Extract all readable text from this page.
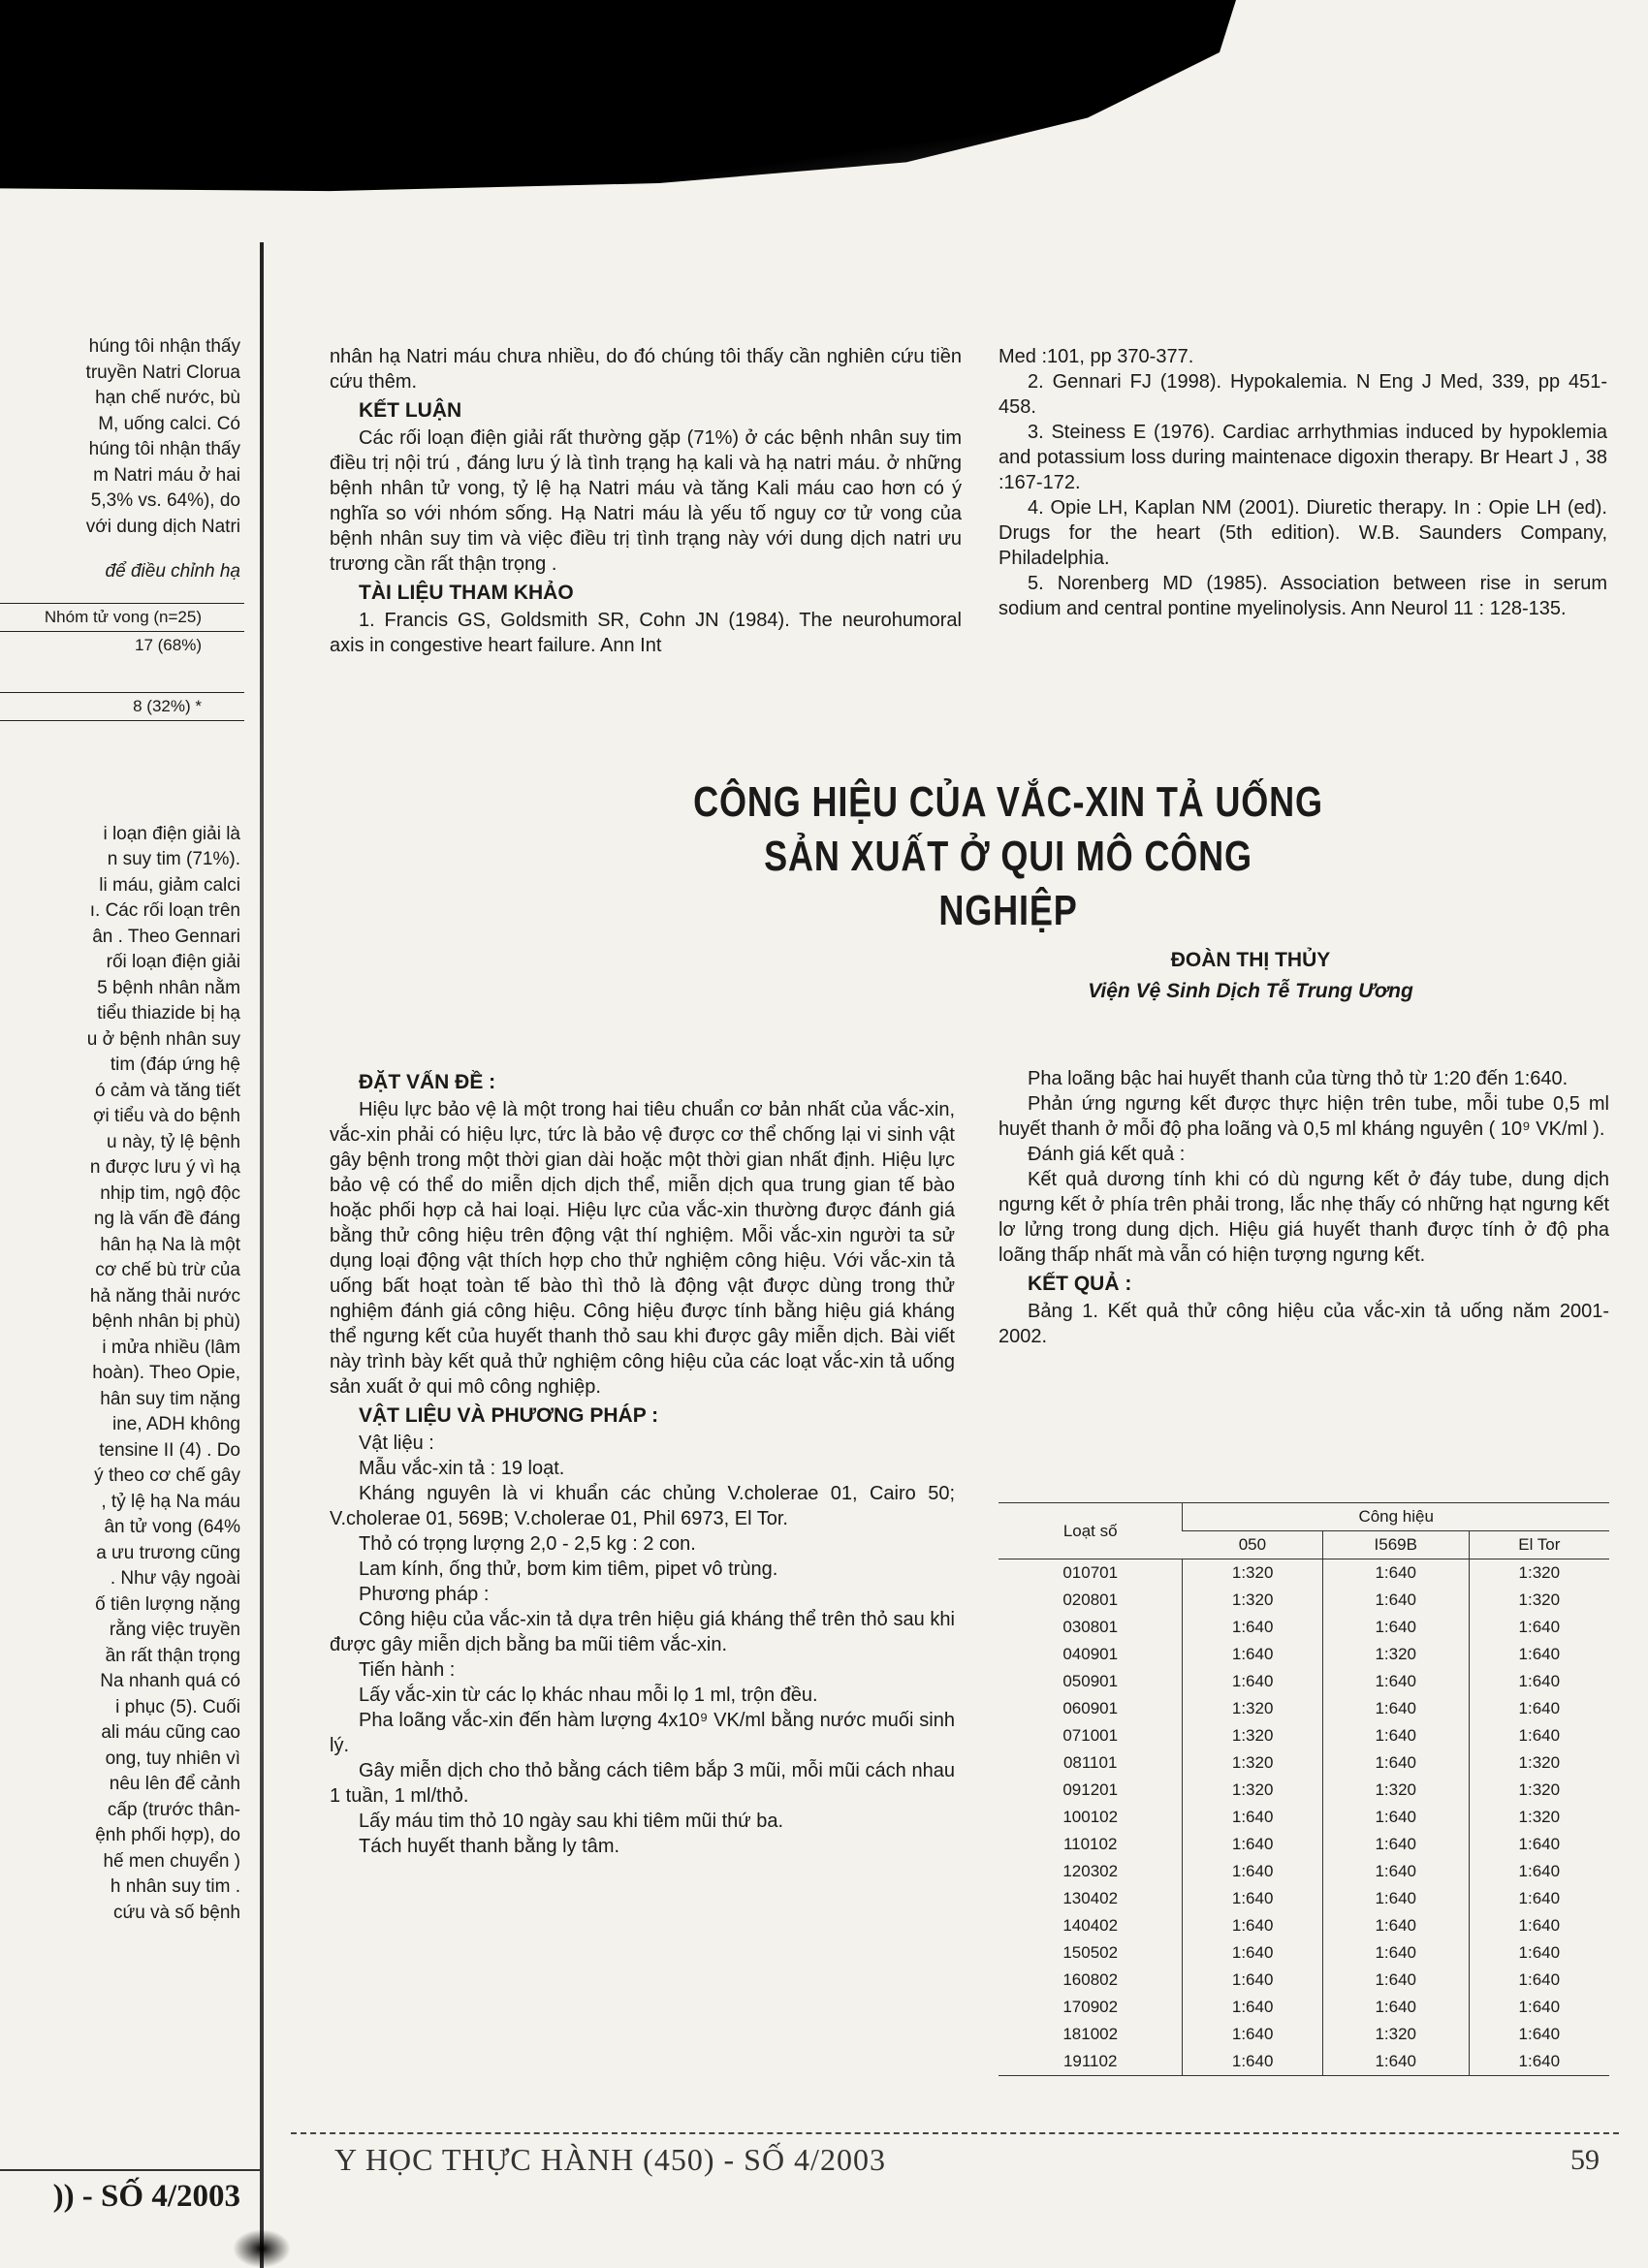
húng tôi nhận thấy

truyền Natri Clorua

hạn chế nước, bù

M, uống calci. Có

húng tôi nhận thấy

m Natri máu ở hai

5,3% vs. 64%), do

với dung dịch Natri

để điều chỉnh hạ

Nhóm tử vong (n=25)
17 (68%)
8 (32%) *

i loạn điện giải là

n suy tim (71%).

li máu, giảm calci

ı. Các rối loạn trên

ân . Theo Gennari

rối loạn điện giải

5 bệnh nhân nằm

tiểu thiazide bị hạ

u ở bệnh nhân suy

tim (đáp ứng hệ

ó cảm và tăng tiết

ợi tiểu và do bệnh

u này, tỷ lệ bệnh

n được lưu ý vì hạ

nhịp tim, ngộ độc

ng là vấn đề đáng

hân hạ Na là một

cơ chế bù trừ của

hả năng thải nước

bệnh nhân bị phù)

i mửa nhiều (lâm

hoàn). Theo Opie,

hân suy tim nặng

ine, ADH không

tensine II (4) . Do

ý theo cơ chế gây

, tỷ lệ hạ Na máu

ân tử vong (64%

a ưu trương cũng

. Như vậy ngoài

ố tiên lượng nặng

rằng việc truyền

ần rất thận trọng

Na nhanh quá có

i phục (5). Cuối

ali máu cũng cao

ong, tuy nhiên vì

nêu lên để cảnh

cấp (trước thân-

ệnh phối hợp), do

hế men chuyển )

h nhân suy tim .

cứu và số bệnh

)) - SỐ 4/2003

nhân hạ Natri máu chưa nhiều, do đó chúng tôi thấy cần nghiên cứu tiền cứu thêm.

KẾT LUẬN

Các rối loạn điện giải rất thường gặp (71%) ở các bệnh nhân suy tim điều trị nội trú , đáng lưu ý là tình trạng hạ kali và hạ natri máu. ở những bệnh nhân tử vong, tỷ lệ hạ Natri máu và tăng Kali máu cao hơn có ý nghĩa so với nhóm sống. Hạ Natri máu là yếu tố nguy cơ tử vong của bệnh nhân suy tim và việc điều trị tình trạng này với dung dịch natri ưu trương cần rất thận trọng .

TÀI LIỆU THAM KHẢO

1. Francis GS, Goldsmith SR, Cohn JN (1984). The neurohumoral axis in congestive heart failure. Ann Int

Med :101, pp 370-377.

2. Gennari FJ (1998). Hypokalemia. N Eng J Med, 339, pp 451-458.

3. Steiness E (1976). Cardiac arrhythmias induced by hypoklemia and potassium loss during maintenace digoxin therapy. Br Heart J , 38 :167-172.

4. Opie LH, Kaplan NM (2001). Diuretic therapy. In : Opie LH (ed). Drugs for the heart (5th edition). W.B. Saunders Company, Philadelphia.

5. Norenberg MD (1985). Association between rise in serum sodium and central pontine myelinolysis. Ann Neurol 11 : 128-135.

CÔNG HIỆU CỦA VẮC-XIN TẢ UỐNG
SẢN XUẤT Ở QUI MÔ CÔNG NGHIỆP
ĐOÀN THỊ THỦY
Viện Vệ Sinh Dịch Tễ Trung Ương
ĐẶT VẤN ĐỀ :

Hiệu lực bảo vệ là một trong hai tiêu chuẩn cơ bản nhất của vắc-xin, vắc-xin phải có hiệu lực, tức là bảo vệ được cơ thể chống lại vi sinh vật gây bệnh trong một thời gian dài hoặc một thời gian nhất định. Hiệu lực bảo vệ có thể do miễn dịch dịch thể, miễn dịch qua trung gian tế bào hoặc phối hợp cả hai loại. Hiệu lực của vắc-xin thường được đánh giá bằng thử công hiệu trên động vật thí nghiệm. Mỗi vắc-xin người ta sử dụng loại động vật thích hợp cho thử nghiệm công hiệu. Với vắc-xin tả uống bất hoạt toàn tế bào thì thỏ là động vật được dùng trong thử nghiệm đánh giá công hiệu. Công hiệu được tính bằng hiệu giá kháng thể ngưng kết của huyết thanh thỏ sau khi được gây miễn dịch. Bài viết này trình bày kết quả thử nghiệm công hiệu của các loạt vắc-xin tả uống sản xuất ở qui mô công nghiệp.

VẬT LIỆU VÀ PHƯƠNG PHÁP :

Vật liệu :

Mẫu vắc-xin tả : 19 loạt.

Kháng nguyên là vi khuẩn các chủng V.cholerae 01, Cairo 50; V.cholerae 01, 569B; V.cholerae 01, Phil 6973, El Tor.

Thỏ có trọng lượng 2,0 - 2,5 kg : 2 con.

Lam kính, ống thử, bơm kim tiêm, pipet vô trùng.

Phương pháp :

Công hiệu của vắc-xin tả dựa trên hiệu giá kháng thể trên thỏ sau khi được gây miễn dịch bằng ba mũi tiêm vắc-xin.

Tiến hành :

Lấy vắc-xin từ các lọ khác nhau mỗi lọ 1 ml, trộn đều.

Pha loãng vắc-xin đến hàm lượng 4x10⁹ VK/ml bằng nước muối sinh lý.

Gây miễn dịch cho thỏ bằng cách tiêm bắp 3 mũi, mỗi mũi cách nhau 1 tuần, 1 ml/thỏ.

Lấy máu tim thỏ 10 ngày sau khi tiêm mũi thứ ba.

Tách huyết thanh bằng ly tâm.

Pha loãng bậc hai huyết thanh của từng thỏ từ 1:20 đến 1:640.

Phản ứng ngưng kết được thực hiện trên tube, mỗi tube 0,5 ml huyết thanh ở mỗi độ pha loãng và 0,5 ml kháng nguyên ( 10⁹ VK/ml ).

Đánh giá kết quả :

Kết quả dương tính khi có dù ngưng kết ở đáy tube, dung dịch ngưng kết ở phía trên phải trong, lắc nhẹ thấy có những hạt ngưng kết lơ lửng trong dung dịch. Hiệu giá huyết thanh được tính ở độ pha loãng thấp nhất mà vẫn có hiện tượng ngưng kết.

KẾT QUẢ :

Bảng 1. Kết quả thử công hiệu của vắc-xin tả uống năm 2001-2002.

Loạt số	Công hiệu		
	050	I569B	El Tor
010701	1:320	1:640	1:320
020801	1:320	1:640	1:320
030801	1:640	1:640	1:640
040901	1:640	1:320	1:640
050901	1:640	1:640	1:640
060901	1:320	1:640	1:640
071001	1:320	1:640	1:640
081101	1:320	1:640	1:320
091201	1:320	1:320	1:320
100102	1:640	1:640	1:320
110102	1:640	1:640	1:640
120302	1:640	1:640	1:640
130402	1:640	1:640	1:640
140402	1:640	1:640	1:640
150502	1:640	1:640	1:640
160802	1:640	1:640	1:640
170902	1:640	1:640	1:640
181002	1:640	1:320	1:640
191102	1:640	1:640	1:640
Y HỌC THỰC HÀNH (450) - SỐ 4/2003	59
